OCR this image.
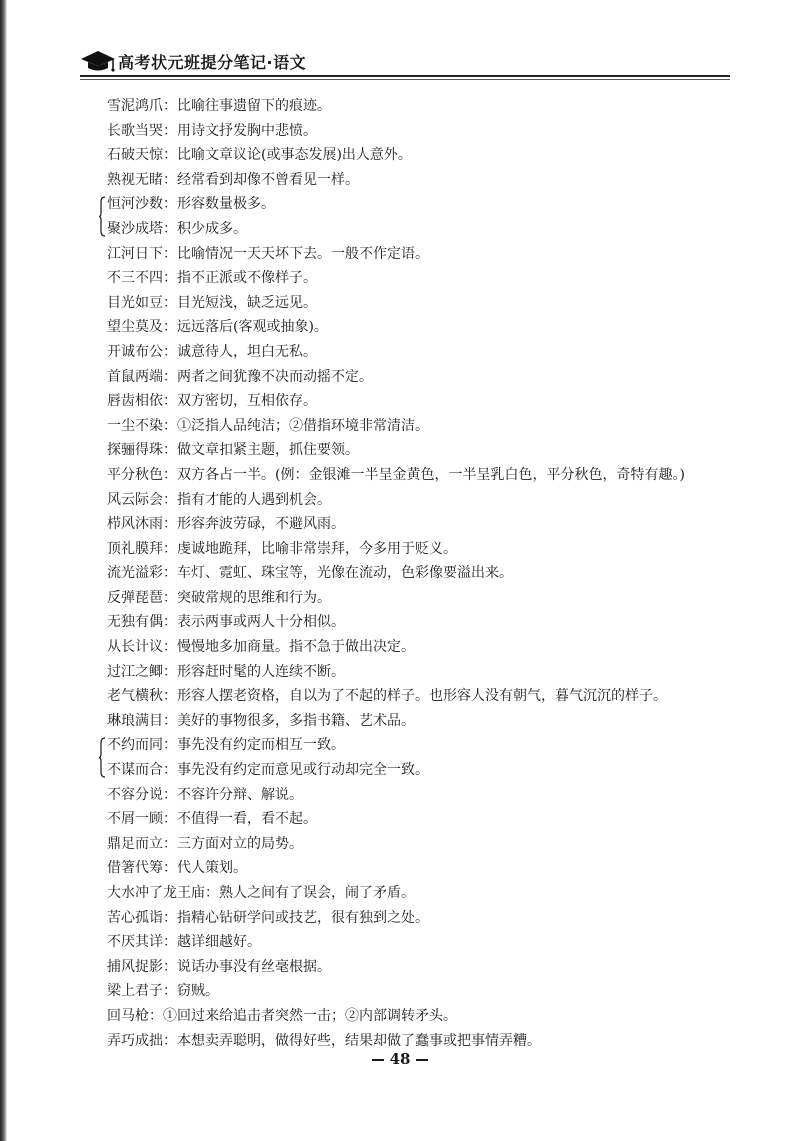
高考状元班提分笔记·语文
雪泥鸿爪：比喻往事遗留下的痕迹。
长歌当哭：用诗文抒发胸中悲愤。
石破天惊：比喻文章议论(或事态发展)出人意外。
熟视无睹：经常看到却像不曾看见一样。
恒河沙数：形容数量极多。
聚沙成塔：积少成多。
江河日下：比喻情况一天天坏下去。一般不作定语。
不三不四：指不正派或不像样子。
目光如豆：目光短浅，缺乏远见。
望尘莫及：远远落后(客观或抽象)。
开诚布公：诚意待人，坦白无私。
首鼠两端：两者之间犹豫不决而动摇不定。
唇齿相依：双方密切，互相依存。
一尘不染：①泛指人品纯洁；②借指环境非常清洁。
探骊得珠：做文章扣紧主题，抓住要领。
平分秋色：双方各占一半。(例：金银滩一半呈金黄色，一半呈乳白色，平分秋色，奇特有趣。)
风云际会：指有才能的人遇到机会。
栉风沐雨：形容奔波劳碌，不避风雨。
顶礼膜拜：虔诚地跪拜，比喻非常崇拜，今多用于贬义。
流光溢彩：车灯、霓虹、珠宝等，光像在流动，色彩像要溢出来。
反弹琵琶：突破常规的思维和行为。
无独有偶：表示两事或两人十分相似。
从长计议：慢慢地多加商量。指不急于做出决定。
过江之鲫：形容赶时髦的人连续不断。
老气横秋：形容人摆老资格，自以为了不起的样子。也形容人没有朝气，暮气沉沉的样子。
琳琅满目：美好的事物很多，多指书籍、艺术品。
不约而同：事先没有约定而相互一致。
不谋而合：事先没有约定而意见或行动却完全一致。
不容分说：不容许分辩、解说。
不屑一顾：不值得一看，看不起。
鼎足而立：三方面对立的局势。
借箸代筹：代人策划。
大水冲了龙王庙：熟人之间有了误会，闹了矛盾。
苦心孤诣：指精心钻研学问或技艺，很有独到之处。
不厌其详：越详细越好。
捕风捉影：说话办事没有丝毫根据。
梁上君子：窃贼。
回马枪：①回过来给追击者突然一击；②内部调转矛头。
弄巧成拙：本想卖弄聪明，做得好些，结果却做了蠢事或把事情弄糟。
48
